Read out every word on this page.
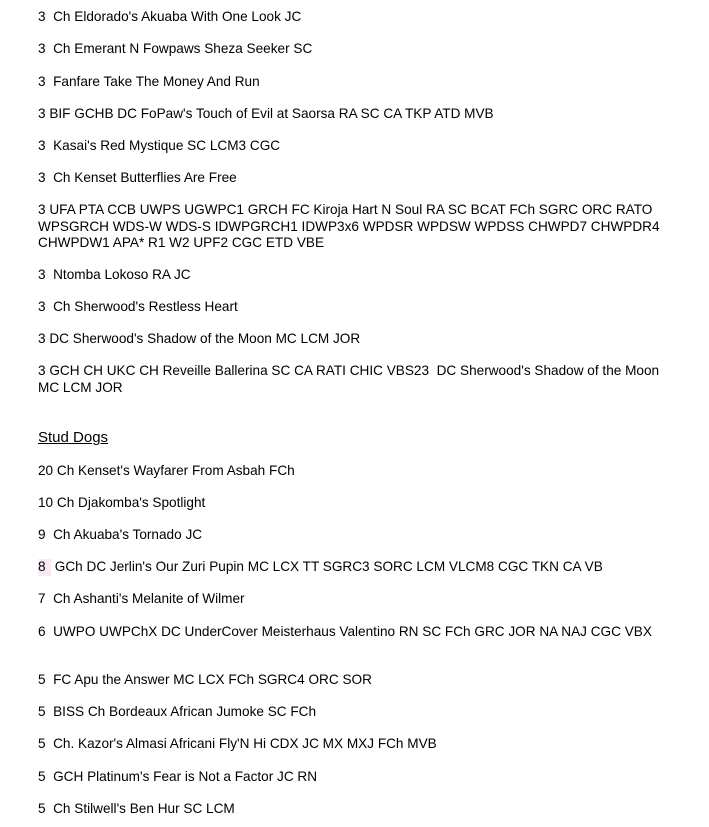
3  Ch Eldorado's Akuaba With One Look JC
3  Ch Emerant N Fowpaws Sheza Seeker SC
3  Fanfare Take The Money And Run
3 BIF GCHB DC FoPaw's Touch of Evil at Saorsa RA SC CA TKP ATD MVB
3  Kasai's Red Mystique SC LCM3 CGC
3  Ch Kenset Butterflies Are Free
3 UFA PTA CCB UWPS UGWPC1 GRCH FC Kiroja Hart N Soul RA SC BCAT FCh SGRC ORC RATO WPSGRCH WDS-W WDS-S IDWPGRCH1 IDWP3x6 WPDSR WPDSW WPDSS CHWPD7 CHWPDR4 CHWPDW1 APA* R1 W2 UPF2 CGC ETD VBE
3  Ntomba Lokoso RA JC
3  Ch Sherwood's Restless Heart
3 DC Sherwood's Shadow of the Moon MC LCM JOR
3 GCH CH UKC CH Reveille Ballerina SC CA RATI CHIC VBS23  DC Sherwood's Shadow of the Moon MC LCM JOR
Stud Dogs
20 Ch Kenset's Wayfarer From Asbah FCh
10 Ch Djakomba's Spotlight
9  Ch Akuaba's Tornado JC
8 GCh DC Jerlin's Our Zuri Pupin MC LCX TT SGRC3 SORC LCM VLCM8 CGC TKN CA VB
7  Ch Ashanti's Melanite of Wilmer
6  UWPO UWPChX DC UnderCover Meisterhaus Valentino RN SC FCh GRC JOR NA NAJ CGC VBX
5  FC Apu the Answer MC LCX FCh SGRC4 ORC SOR
5  BISS Ch Bordeaux African Jumoke SC FCh
5  Ch. Kazor's Almasi Africani Fly'N Hi CDX JC MX MXJ FCh MVB
5  GCH Platinum's Fear is Not a Factor JC RN
5  Ch Stilwell's Ben Hur SC LCM
